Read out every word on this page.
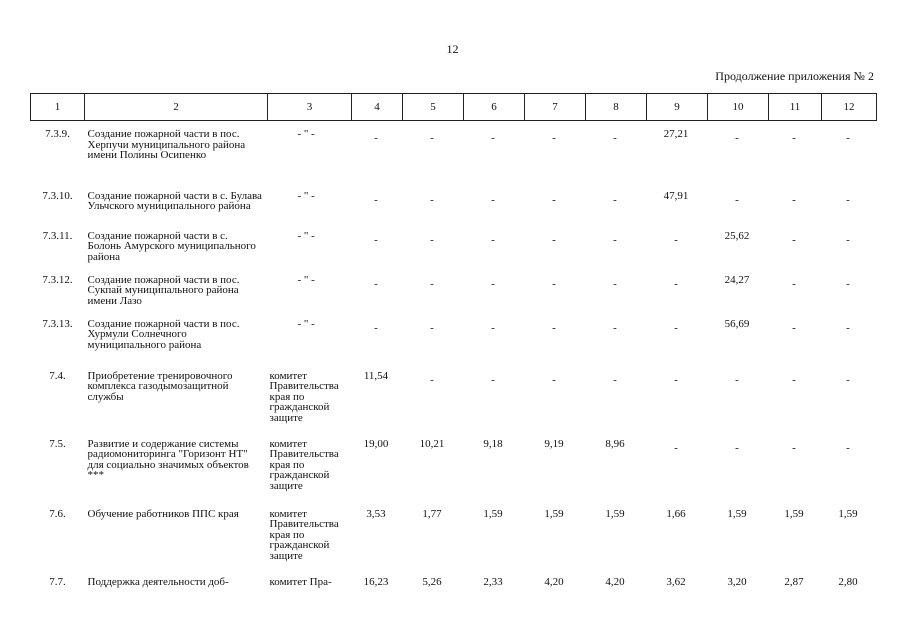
12
Продолжение приложения № 2
1	2	3	4	5	6	7	8	9	10	11	12
7.3.9.	Создание пожарной части в пос. Херпучи муниципального района имени Полины Осипенко	- " -	-	-	-	-	-	27,21	-	-	-
7.3.10.	Создание пожарной части в с. Булава Ульчского муниципального района	- " -	-	-	-	-	-	47,91	-	-	-
7.3.11.	Создание пожарной части в с. Болонь Амурского муниципального района	- " -	-	-	-	-	-	-	25,62	-	-
7.3.12.	Создание пожарной части в пос. Сукпай муниципального района имени Лазо	- " -	-	-	-	-	-	-	24,27	-	-
7.3.13.	Создание пожарной части в пос. Хурмули Солнечного муниципального района	- " -	-	-	-	-	-	-	56,69	-	-
7.4.	Приобретение тренировочного комплекса газодымозащитной службы	комитет Правительства края по гражданской защите	11,54	-	-	-	-	-	-	-	-
7.5.	Развитие и содержание системы радиомониторинга "Горизонт НТ" для социально значимых объектов ***	комитет Правительства края по гражданской защите	19,00	10,21	9,18	9,19	8,96	-	-	-	-
7.6.	Обучение работников ППС края	комитет Правительства края по гражданской защите	3,53	1,77	1,59	1,59	1,59	1,66	1,59	1,59	1,59
7.7.	Поддержка деятельности доб-	комитет Пра-	16,23	5,26	2,33	4,20	4,20	3,62	3,20	2,87	2,80
